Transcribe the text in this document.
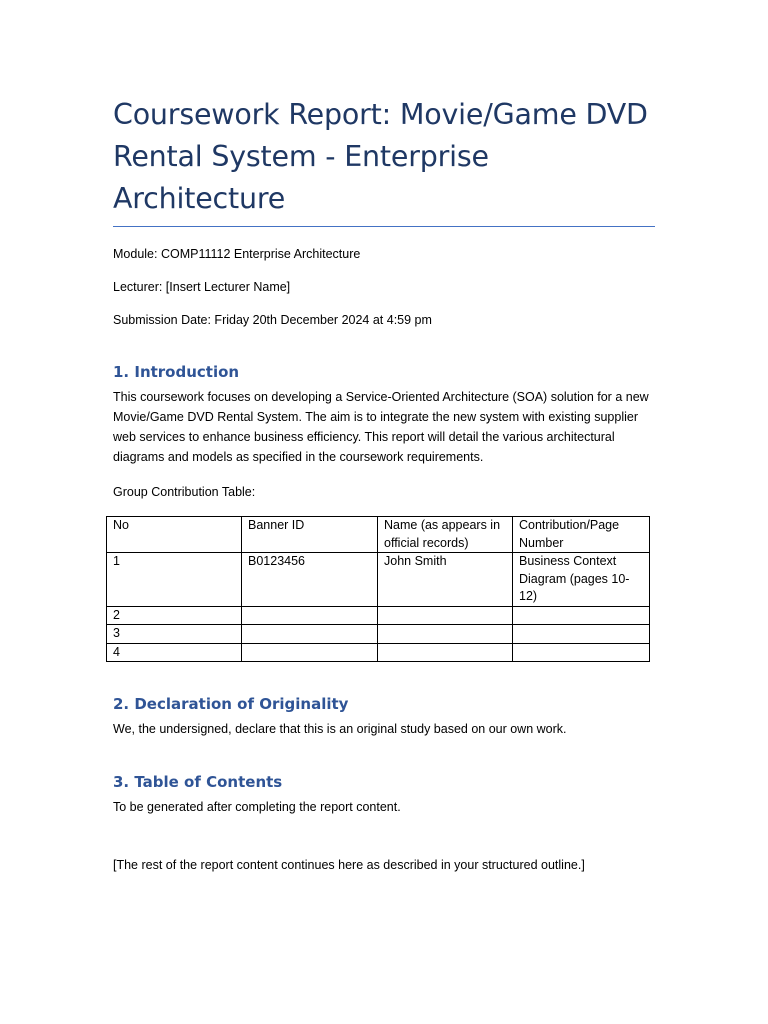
Coursework Report: Movie/Game DVD
Rental System - Enterprise Architecture

Module: COMP11112 Enterprise Architecture

Lecturer: [Insert Lecturer Name]

Submission Date: Friday 20th December 2024 at 4:59 pm

1. Introduction

This coursework focuses on developing a Service-Oriented Architecture (SOA) solution for a new Movie/Game DVD Rental System. The aim is to integrate the new system with existing supplier web services to enhance business efficiency. This report will detail the various architectural diagrams and models as specified in the coursework requirements.

Group Contribution Table:

No	Banner ID	Name (as appears in official records)	Contribution/Page Number
1	B0123456	John Smith	Business Context Diagram (pages 10-12)
2			
3			
4			
2. Declaration of Originality

We, the undersigned, declare that this is an original study based on our own work.

3. Table of Contents

To be generated after completing the report content.

[The rest of the report content continues here as described in your structured outline.]
